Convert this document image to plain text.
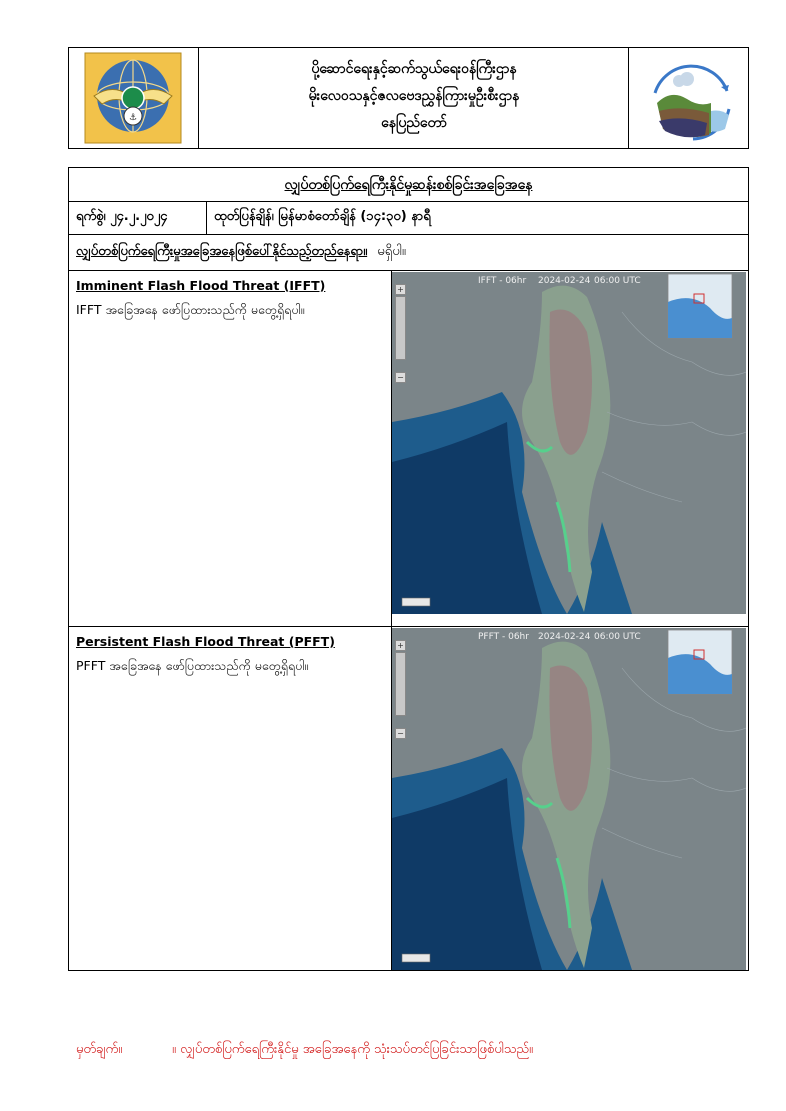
⚓
ပို့ဆောင်ရေးနှင့်ဆက်သွယ်ရေးဝန်ကြီးဌာန
မိုးလေဝသနှင့်ဇလဗေဒညွှန်ကြားမှုဦးစီးဌာန
နေပြည်တော်
လျှပ်တစ်ပြက်ရေကြီးနိုင်မှုဆန်းစစ်ခြင်းအခြေအနေ
ရက်စွဲ၊ ၂၄.၂.၂၀၂၄	ထုတ်ပြန်ချိန်၊ မြန်မာစံတော်ချိန် (၁၄:၃၀) နာရီ
လျှပ်တစ်ပြက်ရေကြီးမှုအခြေအနေဖြစ်ပေါ်နိုင်သည့်တည်နေရာ။ မရှိပါ။
Imminent Flash Flood Threat (IFFT)
IFFT အခြေအနေ ဖော်ပြထားသည်ကို မတွေ့ရှိရပါ။
Persistent Flash Flood Threat (PFFT)
PFFT အခြေအနေ ဖော်ပြထားသည်ကို မတွေ့ရှိရပါ။
+
−
IFFT - 06hr 2024-02-24 06:00 UTC
+
−
PFFT - 06hr 2024-02-24 06:00 UTC
မှတ်ချက်။	။ လျှပ်တစ်ပြက်ရေကြီးနိုင်မှု အခြေအနေကို သုံးသပ်တင်ပြခြင်းသာဖြစ်ပါသည်။
